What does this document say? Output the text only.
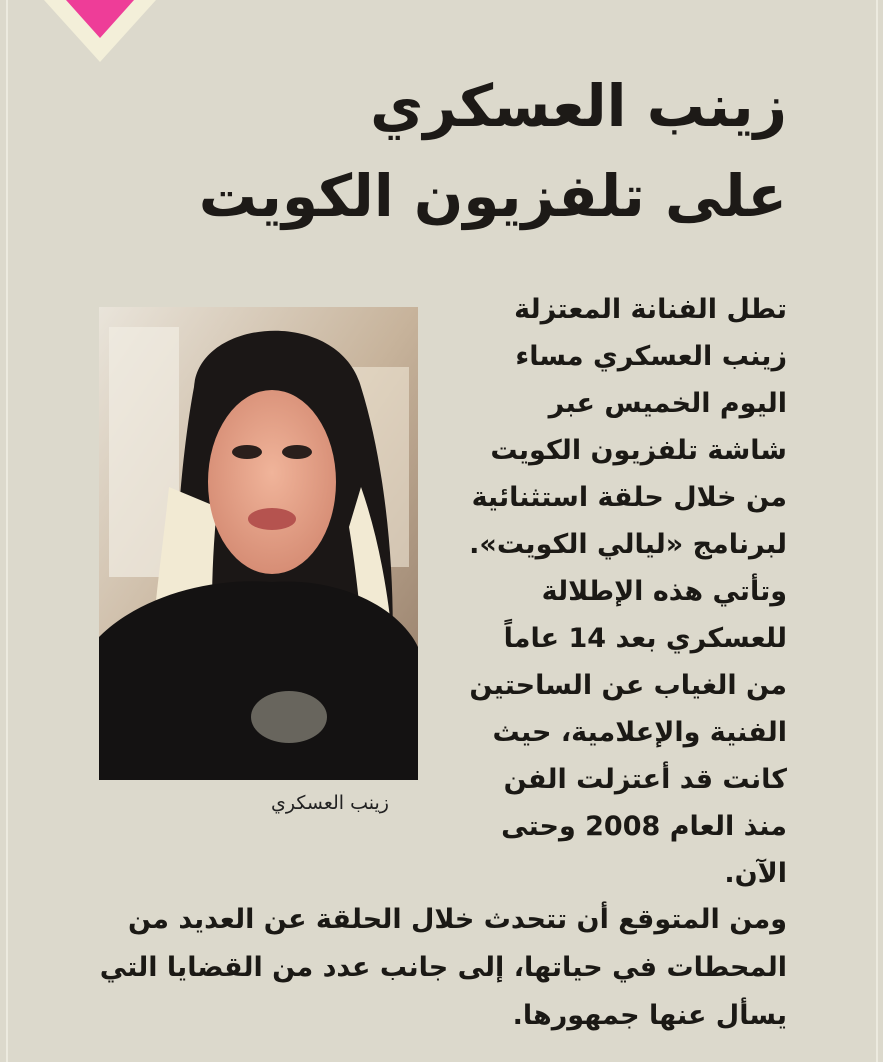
زينب العسكري
على تلفزيون الكويت
زينب العسكري
تطل الفنانة المعتزلة
زينب العسكري مساء
اليوم الخميس عبر
شاشة تلفزيون الكويت
من خلال حلقة استثنائية
لبرنامج «ليالي الكويت».
وتأتي هذه الإطلالة
للعسكري بعد 14 عاماً
من الغياب عن الساحتين
الفنية والإعلامية، حيث
كانت قد أعتزلت الفن
منذ العام 2008 وحتى
الآن.
ومن المتوقع أن تتحدث خلال الحلقة عن العديد من
المحطات في حياتها، إلى جانب عدد من القضايا التي
يسأل عنها جمهورها.
